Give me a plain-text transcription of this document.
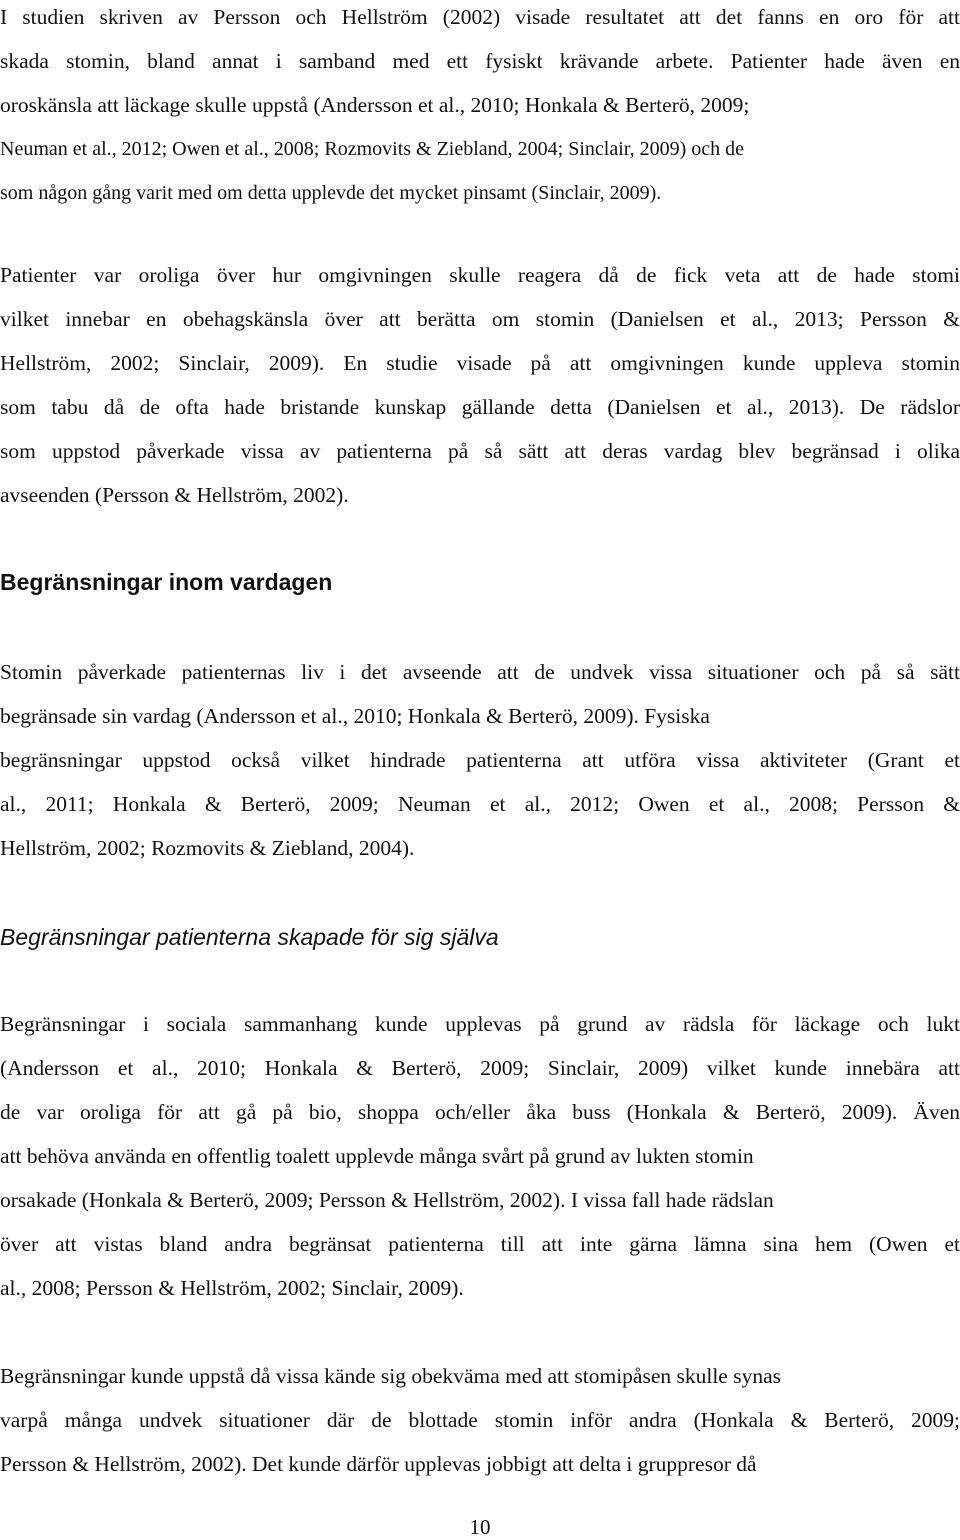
I studien skriven av Persson och Hellström (2002) visade resultatet att det fanns en oro för att
skada stomin, bland annat i samband med ett fysiskt krävande arbete. Patienter hade även en
oroskänsla att läckage skulle uppstå (Andersson et al., 2010; Honkala & Berterö, 2009;
Neuman et al., 2012; Owen et al., 2008; Rozmovits & Ziebland, 2004; Sinclair, 2009) och de
som någon gång varit med om detta upplevde det mycket pinsamt (Sinclair, 2009).
Patienter var oroliga över hur omgivningen skulle reagera då de fick veta att de hade stomi
vilket innebar en obehagskänsla över att berätta om stomin (Danielsen et al., 2013; Persson &
Hellström, 2002; Sinclair, 2009). En studie visade på att omgivningen kunde uppleva stomin
som tabu då de ofta hade bristande kunskap gällande detta (Danielsen et al., 2013). De rädslor
som uppstod påverkade vissa av patienterna på så sätt att deras vardag blev begränsad i olika
avseenden (Persson & Hellström, 2002).
Begränsningar inom vardagen
Stomin påverkade patienternas liv i det avseende att de undvek vissa situationer och på så sätt
begränsade sin vardag (Andersson et al., 2010; Honkala & Berterö, 2009). Fysiska
begränsningar uppstod också vilket hindrade patienterna att utföra vissa aktiviteter (Grant et
al., 2011; Honkala & Berterö, 2009; Neuman et al., 2012; Owen et al., 2008; Persson &
Hellström, 2002; Rozmovits & Ziebland, 2004).
Begränsningar patienterna skapade för sig själva
Begränsningar i sociala sammanhang kunde upplevas på grund av rädsla för läckage och lukt
(Andersson et al., 2010; Honkala & Berterö, 2009; Sinclair, 2009) vilket kunde innebära att
de var oroliga för att gå på bio, shoppa och/eller åka buss (Honkala & Berterö, 2009). Även
att behöva använda en offentlig toalett upplevde många svårt på grund av lukten stomin
orsakade (Honkala & Berterö, 2009; Persson & Hellström, 2002). I vissa fall hade rädslan
över att vistas bland andra begränsat patienterna till att inte gärna lämna sina hem (Owen et
al., 2008; Persson & Hellström, 2002; Sinclair, 2009).
Begränsningar kunde uppstå då vissa kände sig obekväma med att stomipåsen skulle synas
varpå många undvek situationer där de blottade stomin inför andra (Honkala & Berterö, 2009;
Persson & Hellström, 2002). Det kunde därför upplevas jobbigt att delta i gruppresor då
10
